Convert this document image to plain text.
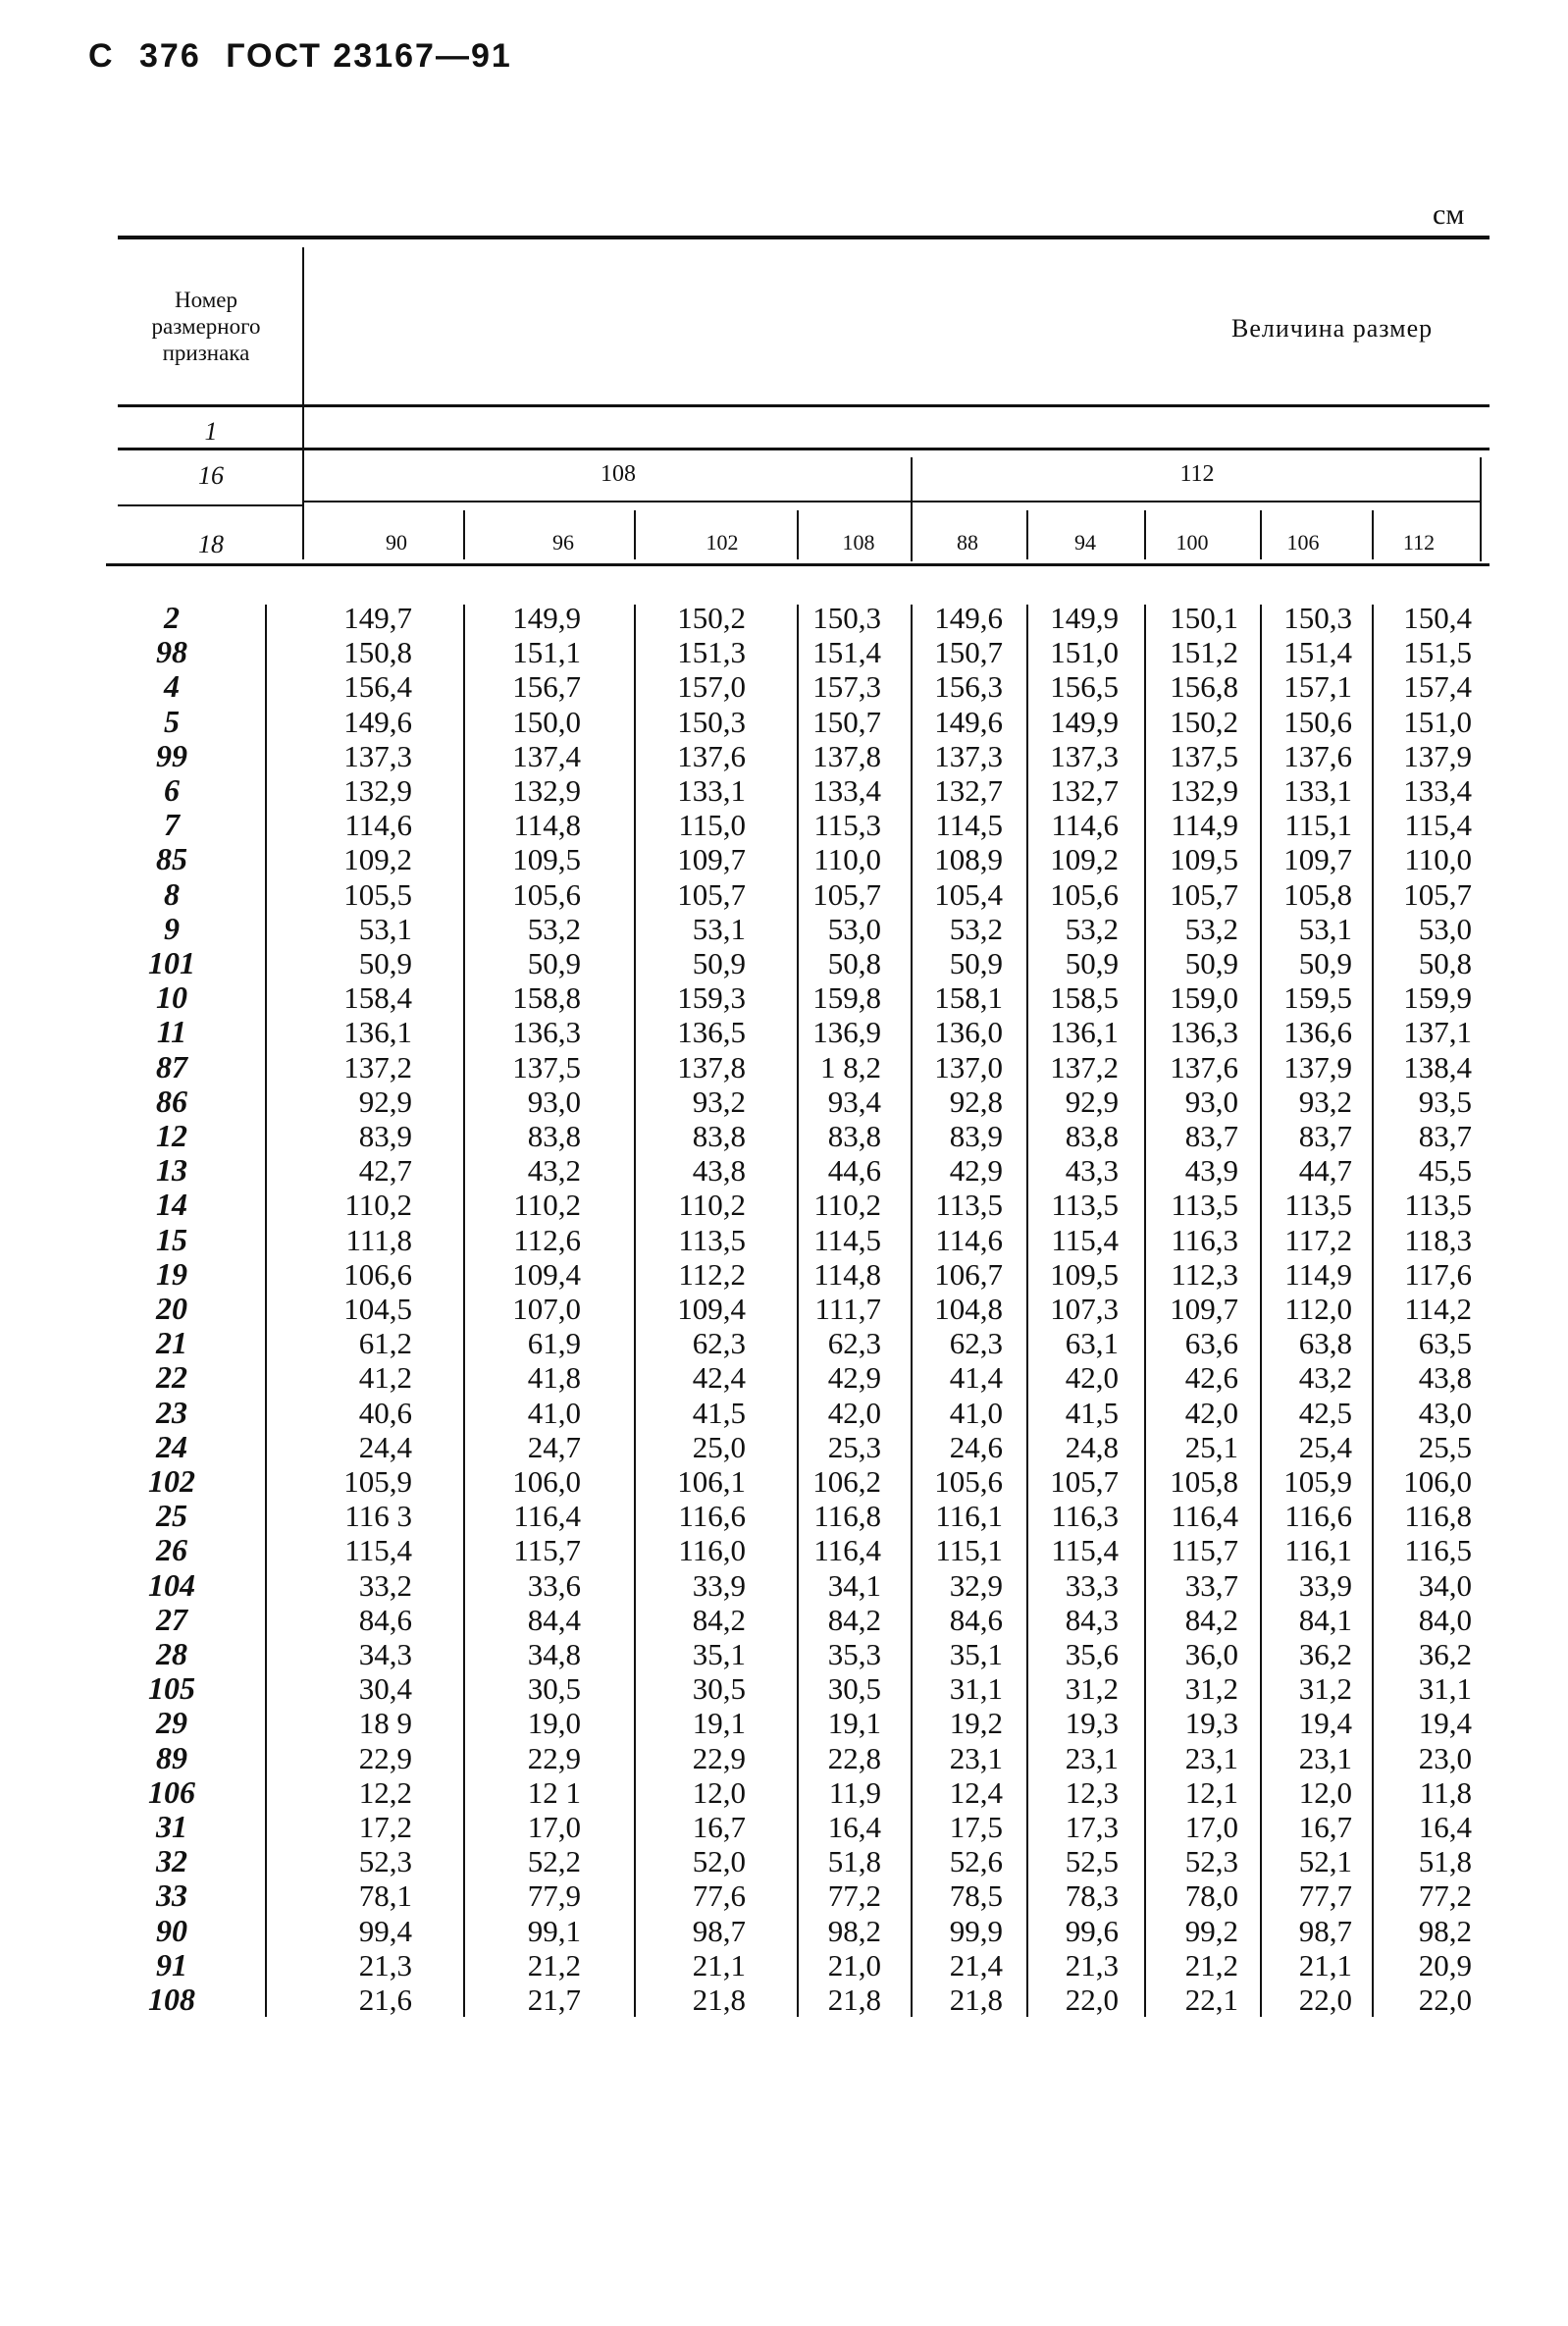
С 376 ГОСТ 23167—91
см
Номер размерного признака
Величина размер
1
16
18
108	112
90	96	102	108	88	94	100	106	112
2	149,7	149,9	150,2	150,3	149,6	149,9	150,1	150,3	150,4
98	150,8	151,1	151,3	151,4	150,7	151,0	151,2	151,4	151,5
4	156,4	156,7	157,0	157,3	156,3	156,5	156,8	157,1	157,4
5	149,6	150,0	150,3	150,7	149,6	149,9	150,2	150,6	151,0
99	137,3	137,4	137,6	137,8	137,3	137,3	137,5	137,6	137,9
6	132,9	132,9	133,1	133,4	132,7	132,7	132,9	133,1	133,4
7	114,6	114,8	115,0	115,3	114,5	114,6	114,9	115,1	115,4
85	109,2	109,5	109,7	110,0	108,9	109,2	109,5	109,7	110,0
8	105,5	105,6	105,7	105,7	105,4	105,6	105,7	105,8	105,7
9	53,1	53,2	53,1	53,0	53,2	53,2	53,2	53,1	53,0
101	50,9	50,9	50,9	50,8	50,9	50,9	50,9	50,9	50,8
10	158,4	158,8	159,3	159,8	158,1	158,5	159,0	159,5	159,9
11	136,1	136,3	136,5	136,9	136,0	136,1	136,3	136,6	137,1
87	137,2	137,5	137,8	1 8,2	137,0	137,2	137,6	137,9	138,4
86	92,9	93,0	93,2	93,4	92,8	92,9	93,0	93,2	93,5
12	83,9	83,8	83,8	83,8	83,9	83,8	83,7	83,7	83,7
13	42,7	43,2	43,8	44,6	42,9	43,3	43,9	44,7	45,5
14	110,2	110,2	110,2	110,2	113,5	113,5	113,5	113,5	113,5
15	111,8	112,6	113,5	114,5	114,6	115,4	116,3	117,2	118,3
19	106,6	109,4	112,2	114,8	106,7	109,5	112,3	114,9	117,6
20	104,5	107,0	109,4	111,7	104,8	107,3	109,7	112,0	114,2
21	61,2	61,9	62,3	62,3	62,3	63,1	63,6	63,8	63,5
22	41,2	41,8	42,4	42,9	41,4	42,0	42,6	43,2	43,8
23	40,6	41,0	41,5	42,0	41,0	41,5	42,0	42,5	43,0
24	24,4	24,7	25,0	25,3	24,6	24,8	25,1	25,4	25,5
102	105,9	106,0	106,1	106,2	105,6	105,7	105,8	105,9	106,0
25	116 3	116,4	116,6	116,8	116,1	116,3	116,4	116,6	116,8
26	115,4	115,7	116,0	116,4	115,1	115,4	115,7	116,1	116,5
104	33,2	33,6	33,9	34,1	32,9	33,3	33,7	33,9	34,0
27	84,6	84,4	84,2	84,2	84,6	84,3	84,2	84,1	84,0
28	34,3	34,8	35,1	35,3	35,1	35,6	36,0	36,2	36,2
105	30,4	30,5	30,5	30,5	31,1	31,2	31,2	31,2	31,1
29	18 9	19,0	19,1	19,1	19,2	19,3	19,3	19,4	19,4
89	22,9	22,9	22,9	22,8	23,1	23,1	23,1	23,1	23,0
106	12,2	12 1	12,0	11,9	12,4	12,3	12,1	12,0	11,8
31	17,2	17,0	16,7	16,4	17,5	17,3	17,0	16,7	16,4
32	52,3	52,2	52,0	51,8	52,6	52,5	52,3	52,1	51,8
33	78,1	77,9	77,6	77,2	78,5	78,3	78,0	77,7	77,2
90	99,4	99,1	98,7	98,2	99,9	99,6	99,2	98,7	98,2
91	21,3	21,2	21,1	21,0	21,4	21,3	21,2	21,1	20,9
108	21,6	21,7	21,8	21,8	21,8	22,0	22,1	22,0	22,0
